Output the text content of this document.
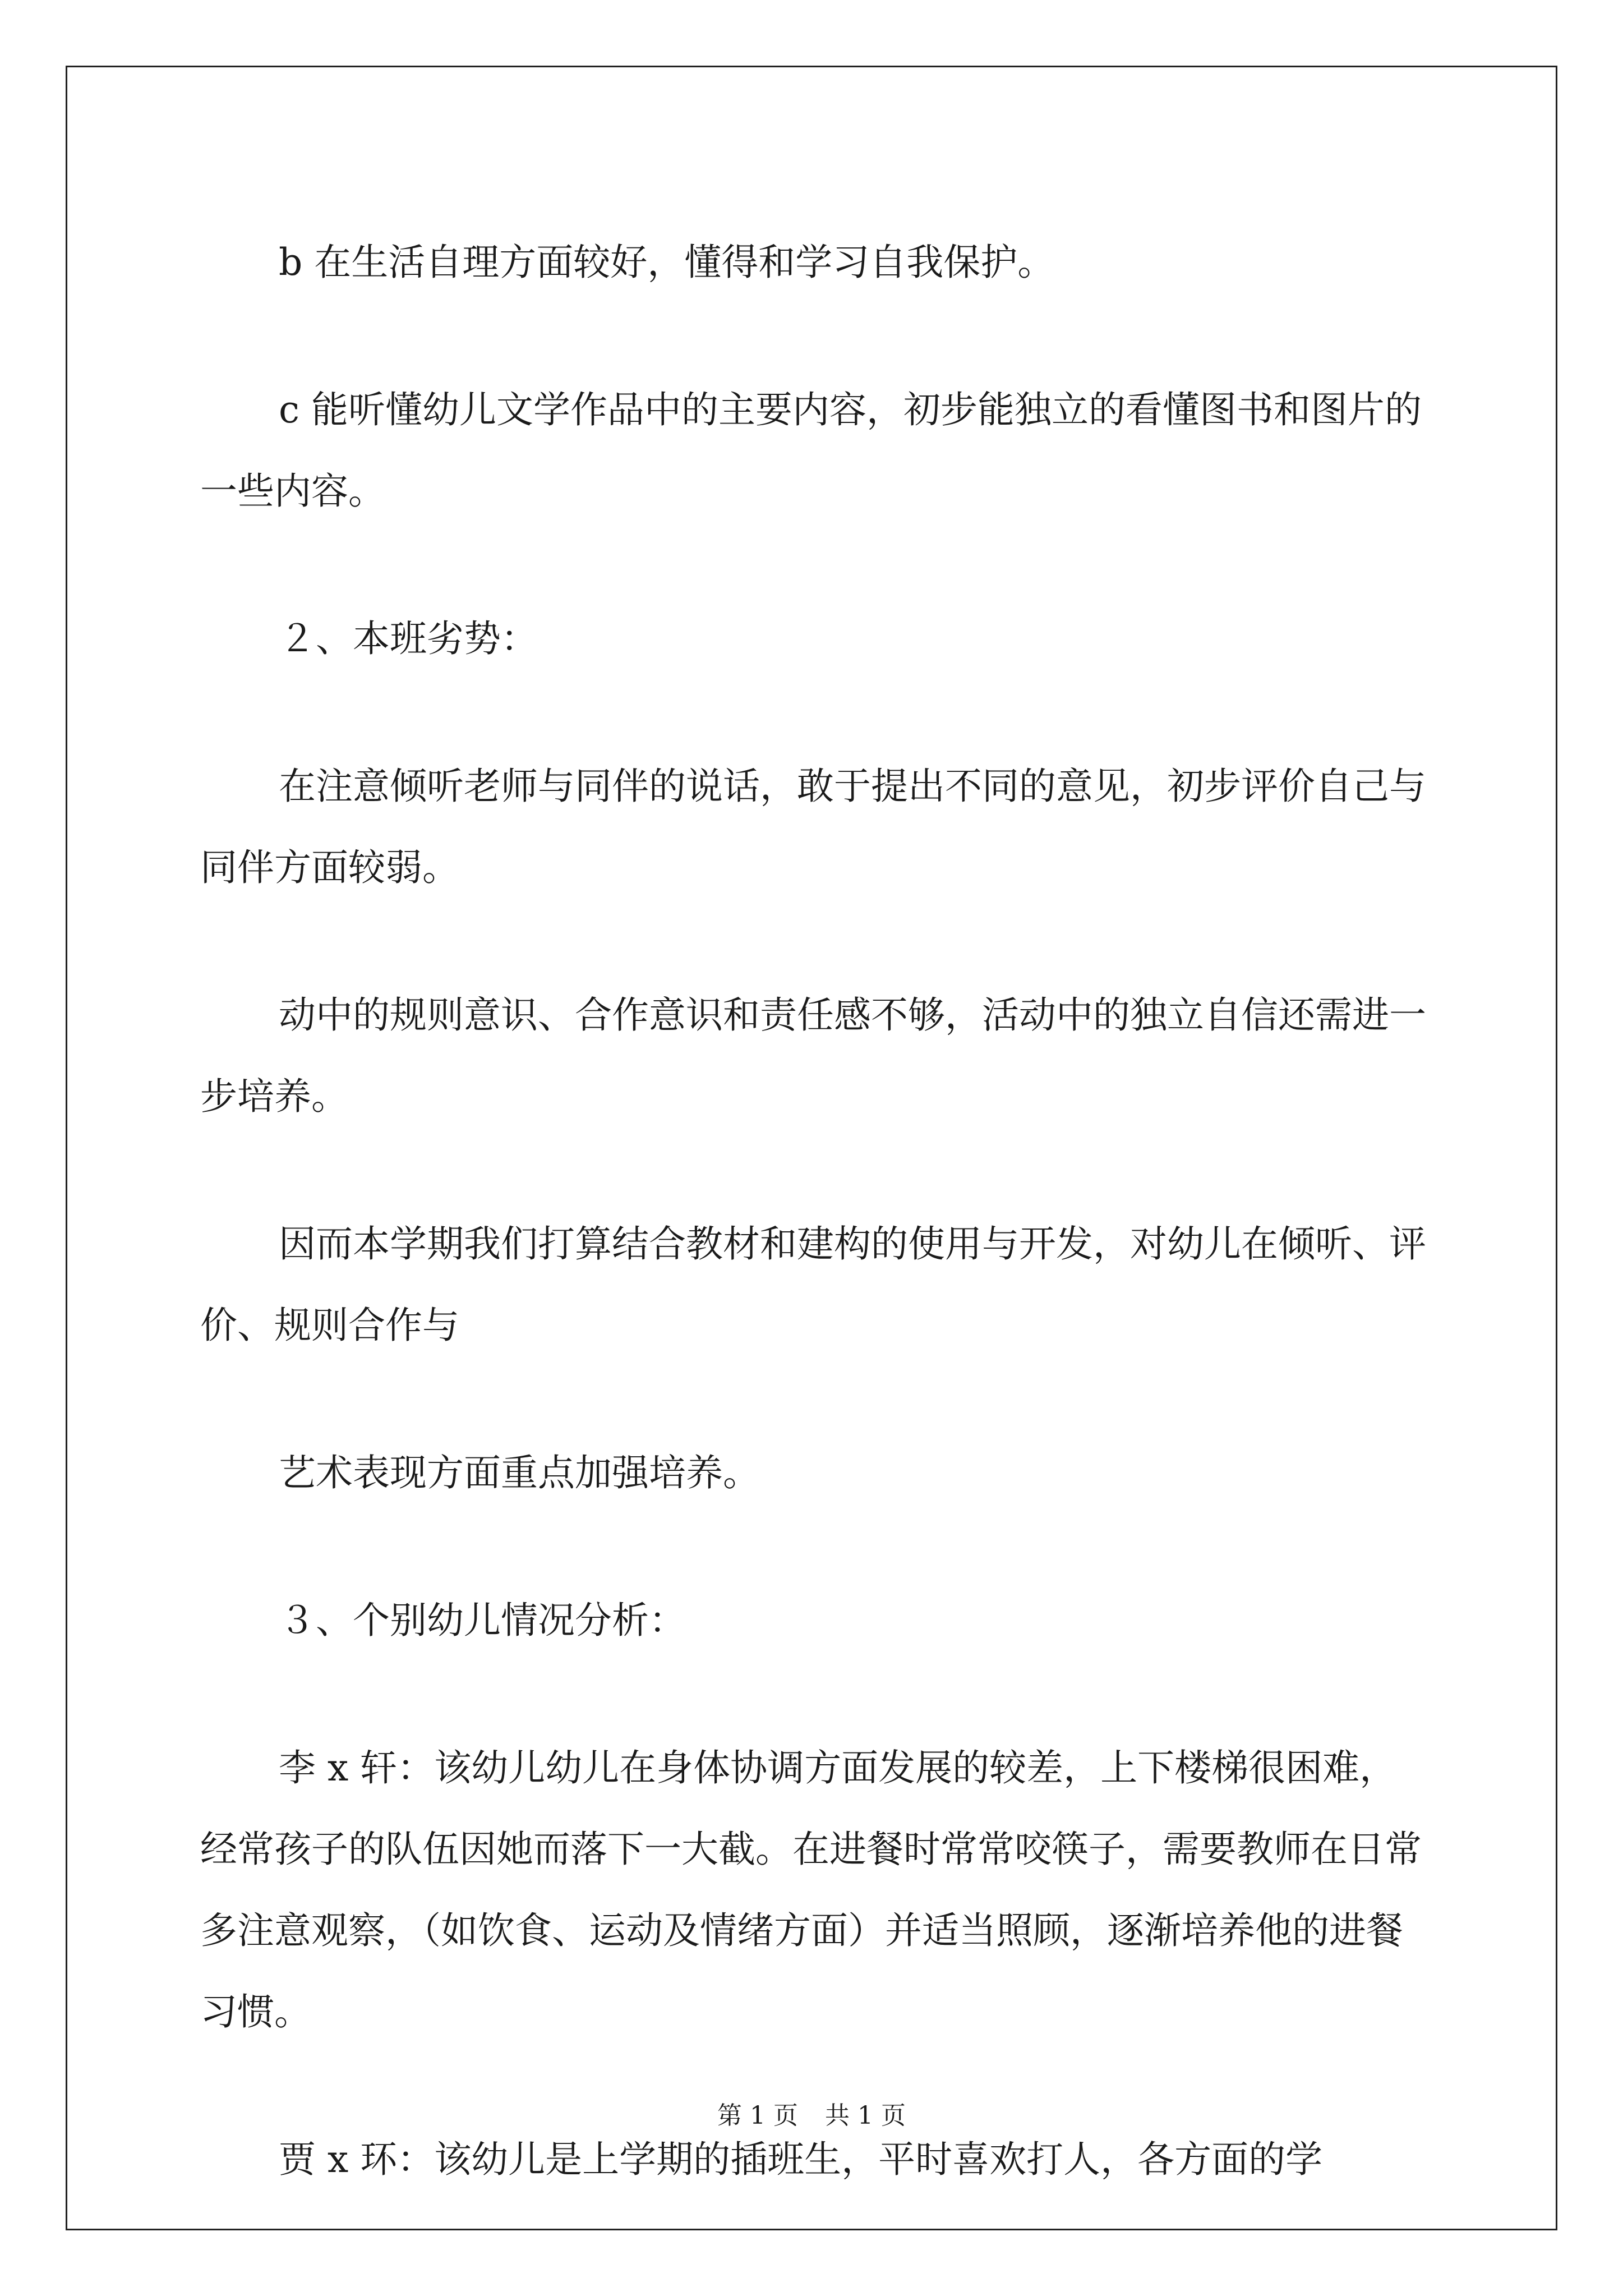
b 在生活自理方面较好，懂得和学习自我保护。

c 能听懂幼儿文学作品中的主要内容，初步能独立的看懂图书和图片的一些内容。

２、本班劣势：

在注意倾听老师与同伴的说话，敢于提出不同的意见，初步评价自己与同伴方面较弱。

动中的规则意识、合作意识和责任感不够，活动中的独立自信还需进一步培养。

因而本学期我们打算结合教材和建构的使用与开发，对幼儿在倾听、评价、规则合作与

艺术表现方面重点加强培养。

３、个别幼儿情况分析：

李 x 轩：该幼儿幼儿在身体协调方面发展的较差，上下楼梯很困难，经常孩子的队伍因她而落下一大截。在进餐时常常咬筷子，需要教师在日常多注意观察，（如饮食、运动及情绪方面）并适当照顾，逐渐培养他的进餐习惯。

贾 x 环：该幼儿是上学期的插班生，平时喜欢打人，各方面的学

第 1 页 共 1 页
